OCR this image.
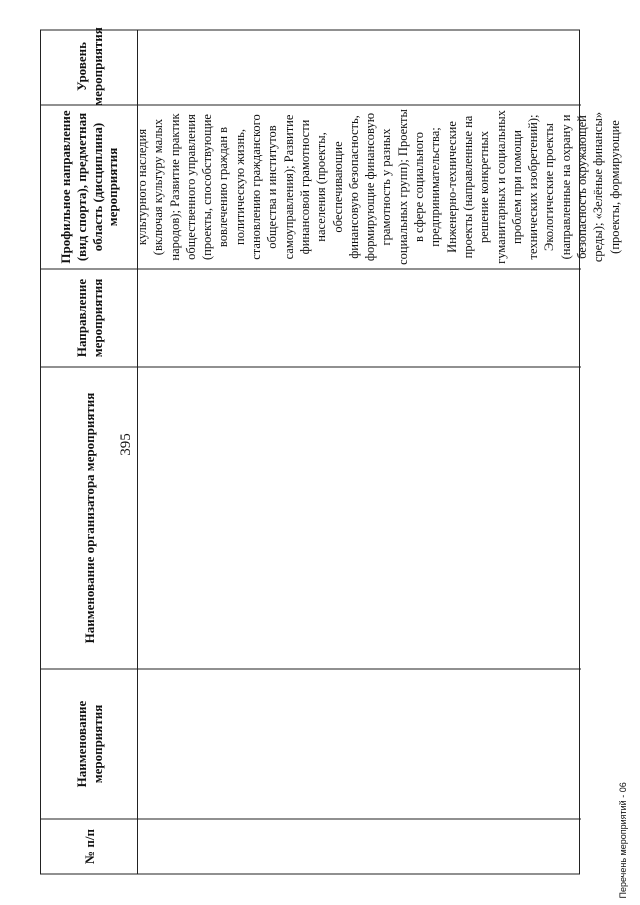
395
№ п/п
Наименование мероприятия
Наименование организатора мероприятия
Направление мероприятия
Профильное направление (вид спорта), предметная область (дисциплина) мероприятия	культурного наследия (включая культуру малых народов); Развитие практик общественного управления (проекты, способствующие вовлечению граждан в политическую жизнь, становлению гражданского общества и институтов самоуправления); Развитие финансовой грамотности населения (проекты, обеспечивающие финансовую безопасность, формирующие финансовую грамотность у разных социальных групп); Проекты в сфере социального предпринимательства; Инженерно-технические проекты (направленные на решение конкретных гуманитарных и социальных проблем при помощи технических изобретений); Экологические проекты (направленные на охрану и безопасность окружающей среды); «Зелёные финансы» (проекты, формирующие
Уровень мероприятия
Перечень мероприятий - 06
